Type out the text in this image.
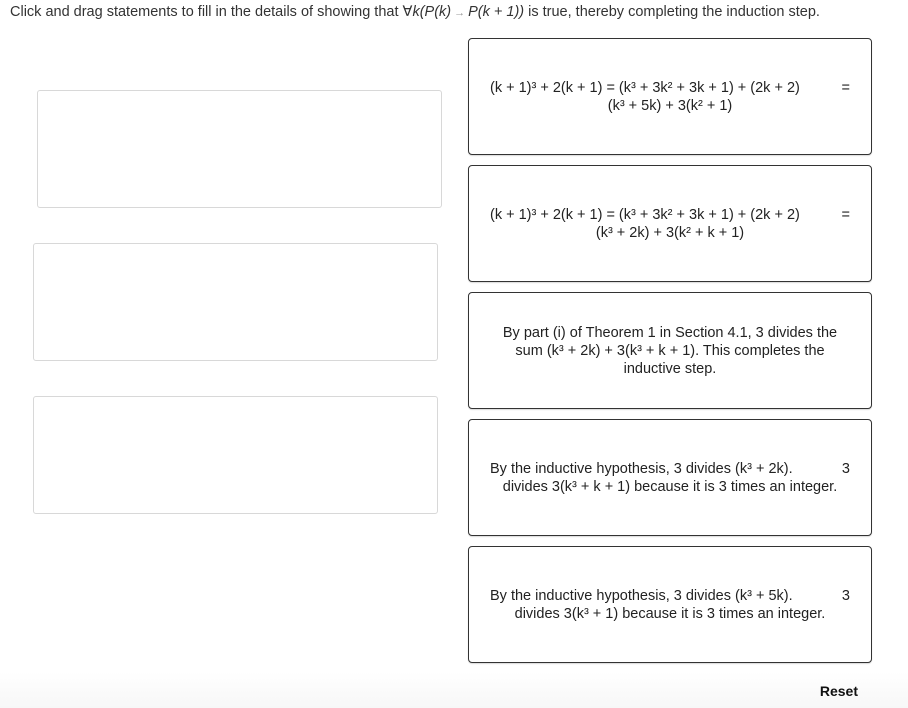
Click and drag statements to fill in the details of showing that ∀k(P(k) → P(k + 1)) is true, thereby completing the induction step.
(k + 1)³ + 2(k + 1) = (k³ + 3k² + 3k + 1) + (2k + 2)	=
(k³ + 5k) + 3(k² + 1)
(k + 1)³ + 2(k + 1) = (k³ + 3k² + 3k + 1) + (2k + 2)	=
(k³ + 2k) + 3(k² + k + 1)
By part (i) of Theorem 1 in Section 4.1, 3 divides the sum (k³ + 2k) + 3(k³ + k + 1). This completes the inductive step.
By the inductive hypothesis, 3 divides (k³ + 2k).	3
divides 3(k³ + k + 1) because it is 3 times an integer.
By the inductive hypothesis, 3 divides (k³ + 5k).	3
divides 3(k³ + 1) because it is 3 times an integer.
Reset
